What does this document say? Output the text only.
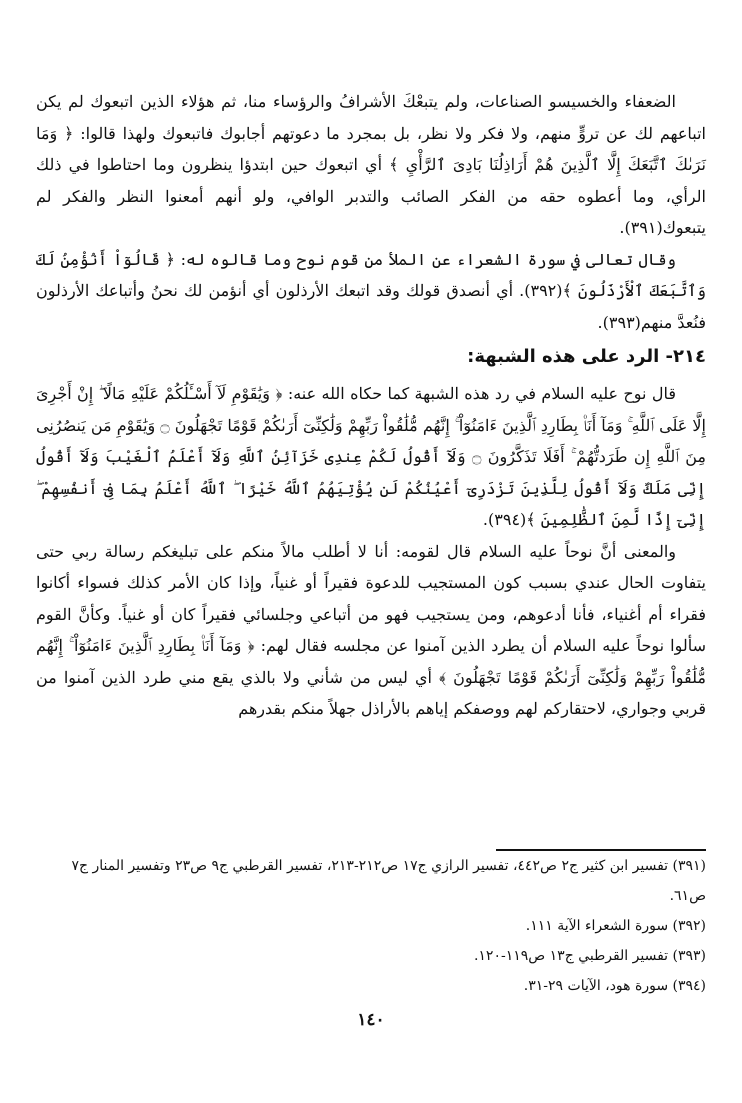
الضعفاء والخسيسو الصناعات، ولم يتبعْكَ الأشرافُ والرؤساء منا، ثم هؤلاء الذين اتبعوك لم يكن اتباعهم لك عن تروٍّ منهم، ولا فكر ولا نظر، بل بمجرد ما دعوتهم أجابوك فاتبعوك ولهذا قالوا: ﴿ وَمَا نَرَىٰكَ ٱتَّبَعَكَ إِلَّا ٱلَّذِينَ هُمْ أَرَاذِلُنَا بَادِىَ ٱلرَّأْيِ ﴾ أي اتبعوك حين ابتدؤا ينظرون وما احتاطوا في ذلك الرأي، وما أعطوه حقه من الفكر الصائب والتدبر الوافي، ولو أنهم أمعنوا النظر والفكر لم يتبعوك(٣٩١).

وقال تعالى في سورة الشعراء عن الملأ من قوم نوح وما قالوه له: ﴿ قَالُوٓاْ أَنُؤْمِنُ لَكَ وَٱتَّبَعَكَ ٱلْأَرْذَلُونَ ﴾(٣٩٢). أي أنصدق قولك وقد اتبعك الأرذلون أي أنؤمن لك نحنُ وأتباعك الأرذلون فنُعدَّ منهم(٣٩٣).

٢١٤- الرد على هذه الشبهة:

قال نوح عليه السلام في رد هذه الشبهة كما حكاه الله عنه: ﴿ وَيَٰقَوْمِ لَآ أَسْـَٔلُكُمْ عَلَيْهِ مَالًا ۖ إِنْ أَجْرِىَ إِلَّا عَلَى ٱللَّهِ ۚ وَمَآ أَنَا۠ بِطَارِدِ ٱلَّذِينَ ءَامَنُوٓاْ ۚ إِنَّهُم مُّلَٰقُواْ رَبِّهِمْ وَلَٰكِنِّىٓ أَرَىٰكُمْ قَوْمًا تَجْهَلُونَ ۝ وَيَٰقَوْمِ مَن يَنصُرُنِى مِنَ ٱللَّهِ إِن طَرَدتُّهُمْ ۚ أَفَلَا تَذَكَّرُونَ ۝ وَلَآ أَقُولُ لَكُمْ عِندِى خَزَآئِنُ ٱللَّهِ وَلَآ أَعْلَمُ ٱلْغَيْبَ وَلَآ أَقُولُ إِنِّى مَلَكٌ وَلَآ أَقُولُ لِلَّذِينَ تَزْدَرِىٓ أَعْيُنُكُمْ لَن يُؤْتِيَهُمُ ٱللَّهُ خَيْرًا ۖ ٱللَّهُ أَعْلَمُ بِمَا فِىٓ أَنفُسِهِمْ ۖ إِنِّىٓ إِذًا لَّمِنَ ٱلظَّٰلِمِينَ ﴾(٣٩٤).

والمعنى أنَّ نوحاً عليه السلام قال لقومه: أنا لا أطلب مالاً منكم على تبليغكم رسالة ربي حتى يتفاوت الحال عندي بسبب كون المستجيب للدعوة فقيراً أو غنياً، وإذا كان الأمر كذلك فسواء أكانوا فقراء أم أغنياء، فأنا أدعوهم، ومن يستجيب فهو من أتباعي وجلسائي فقيراً كان أو غنياً. وكأنَّ القوم سألوا نوحاً عليه السلام أن يطرد الذين آمنوا عن مجلسه فقال لهم: ﴿ وَمَآ أَنَا۠ بِطَارِدِ ٱلَّذِينَ ءَامَنُوٓاْ ۚ إِنَّهُم مُّلَٰقُواْ رَبِّهِمْ وَلَٰكِنِّىٓ أَرَىٰكُمْ قَوْمًا تَجْهَلُونَ ﴾ أي ليس من شأني ولا بالذي يقع مني طرد الذين آمنوا من قربي وجواري، لاحتقاركم لهم ووصفكم إياهم بالأراذل جهلاً منكم بقدرهم

(٣٩١) تفسير ابن كثير ج٢ ص٤٤٢، تفسير الرازي ج١٧ ص٢١٢-٢١٣، تفسير القرطبي ج٩ ص٢٣ وتفسير المنار ج٧ ص٦١.
(٣٩٢) سورة الشعراء الآية ١١١.
(٣٩٣) تفسير القرطبي ج١٣ ص١١٩-١٢٠.
(٣٩٤) سورة هود، الآيات ٢٩-٣١.
١٤٠
